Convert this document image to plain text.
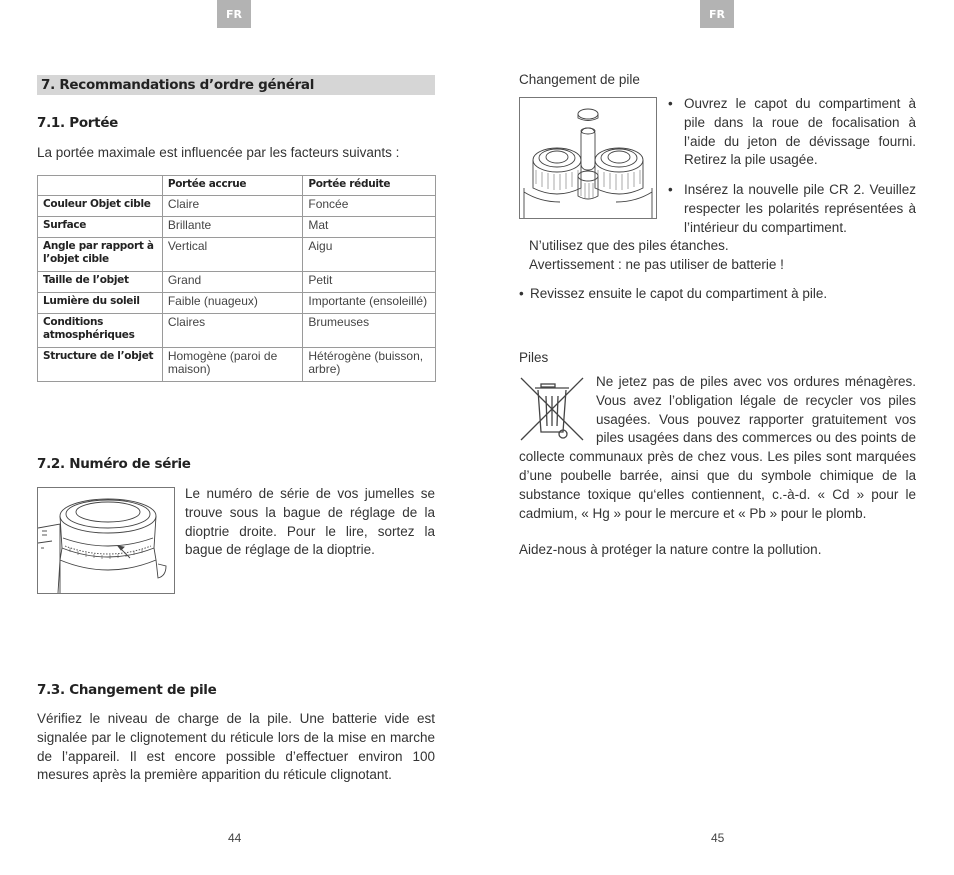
FR
7. Recommandations d’ordre général
7.1. Portée
La portée maximale est influencée par les facteurs suivants :
	Portée accrue	Portée réduite
Couleur Objet cible	Claire	Foncée
Surface	Brillante	Mat
Angle par rapport à l’objet cible	Vertical	Aigu
Taille de l’objet	Grand	Petit
Lumière du soleil	Faible (nuageux)	Importante (ensoleillé)
Conditions atmosphériques	Claires	Brumeuses
Structure de l’objet	Homogène (paroi de maison)	Hétérogène (buisson, arbre)
7.2. Numéro de série
Le numéro de série de vos jumelles se trouve sous la bague de réglage de la dioptrie droite. Pour le lire, sortez la bague de réglage de la dioptrie.
7.3. Changement de pile
Vérifiez le niveau de charge de la pile. Une batterie vide est signalée par le clignotement du réticule lors de la mise en marche de l’appareil. Il est encore possible d’effectuer environ 100 mesures après la première apparition du réticule clignotant.
44
FR
Changement de pile
• Ouvrez le capot du compartiment à pile dans la roue de focalisation à l’aide du jeton de dévissage fourni. Retirez la pile usagée.
• Insérez la nouvelle pile CR 2. Veuillez respecter les polarités représentées à l’intérieur du compartiment.
N’utilisez que des piles étanches.
Avertissement : ne pas utiliser de batterie !
• Revissez ensuite le capot du compartiment à pile.
Piles
Ne jetez pas de piles avec vos ordures ménagères. Vous avez l’obligation légale de recycler vos piles usagées. Vous pouvez rapporter gratuitement vos piles usagées dans des commerces ou des points de collecte communaux près de chez vous. Les piles sont marquées d’une poubelle barrée, ainsi que du symbole chimique de la substance toxique qu‘elles contiennent, c.-à-d. « Cd » pour le cadmium, « Hg » pour le mercure et « Pb » pour le plomb.
Aidez-nous à protéger la nature contre la pollution.
45
